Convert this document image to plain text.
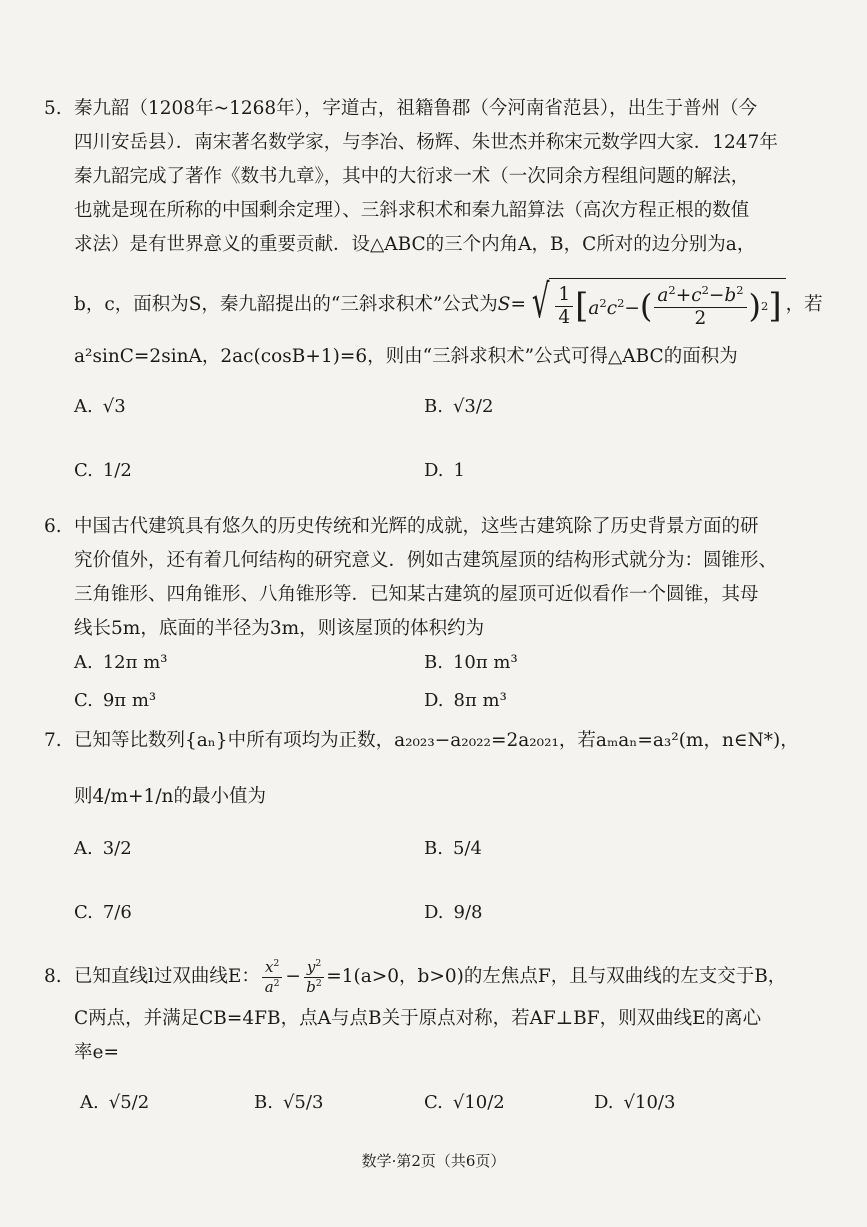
5. 秦九韶（1208年~1268年），字道古，祖籍鲁郡（今河南省范县），出生于普州（今
四川安岳县）．南宋著名数学家，与李冶、杨辉、朱世杰并称宋元数学四大家．1247年
秦九韶完成了著作《数书九章》，其中的大衍求一术（一次同余方程组问题的解法，
也就是现在所称的中国剩余定理）、三斜求积术和秦九韶算法（高次方程正根的数值
求法）是有世界意义的重要贡献．设△ABC的三个内角A，B，C所对的边分别为a，
b，c，面积为S，秦九韶提出的“三斜求积术”公式为 S = √ $\frac{1}{4}$ [ $a^2c^2-$ ( $\frac{a^2+c^2-b^2}{2}$ ) 2 ] ，若
a²sinC=2sinA，2ac(cosB+1)=6，则由“三斜求积术”公式可得△ABC的面积为
A. √3	B. √3/2
C. 1/2	D. 1
6. 中国古代建筑具有悠久的历史传统和光辉的成就，这些古建筑除了历史背景方面的研
究价值外，还有着几何结构的研究意义．例如古建筑屋顶的结构形式就分为：圆锥形、
三角锥形、四角锥形、八角锥形等．已知某古建筑的屋顶可近似看作一个圆锥，其母
线长5m，底面的半径为3m，则该屋顶的体积约为
A. 12π m³	B. 10π m³
C. 9π m³	D. 8π m³
7. 已知等比数列{aₙ}中所有项均为正数，a₂₀₂₃−a₂₀₂₂=2a₂₀₂₁，若aₘaₙ=a₃²(m，n∈N*)，
则4/m+1/n的最小值为
A. 3/2	B. 5/4
C. 7/6	D. 9/8
8. 已知直线l过双曲线E： $\frac{x^2}{a^2} - \frac{y^2}{b^2} =1(a>0$，b>0)的左焦点F，且与双曲线的左支交于B，
C两点，并满足CB=4FB，点A与点B关于原点对称，若AF⊥BF，则双曲线E的离心
率e=
A. √5/2	B. √5/3	C. √10/2	D. √10/3
数学·第2页（共6页）
